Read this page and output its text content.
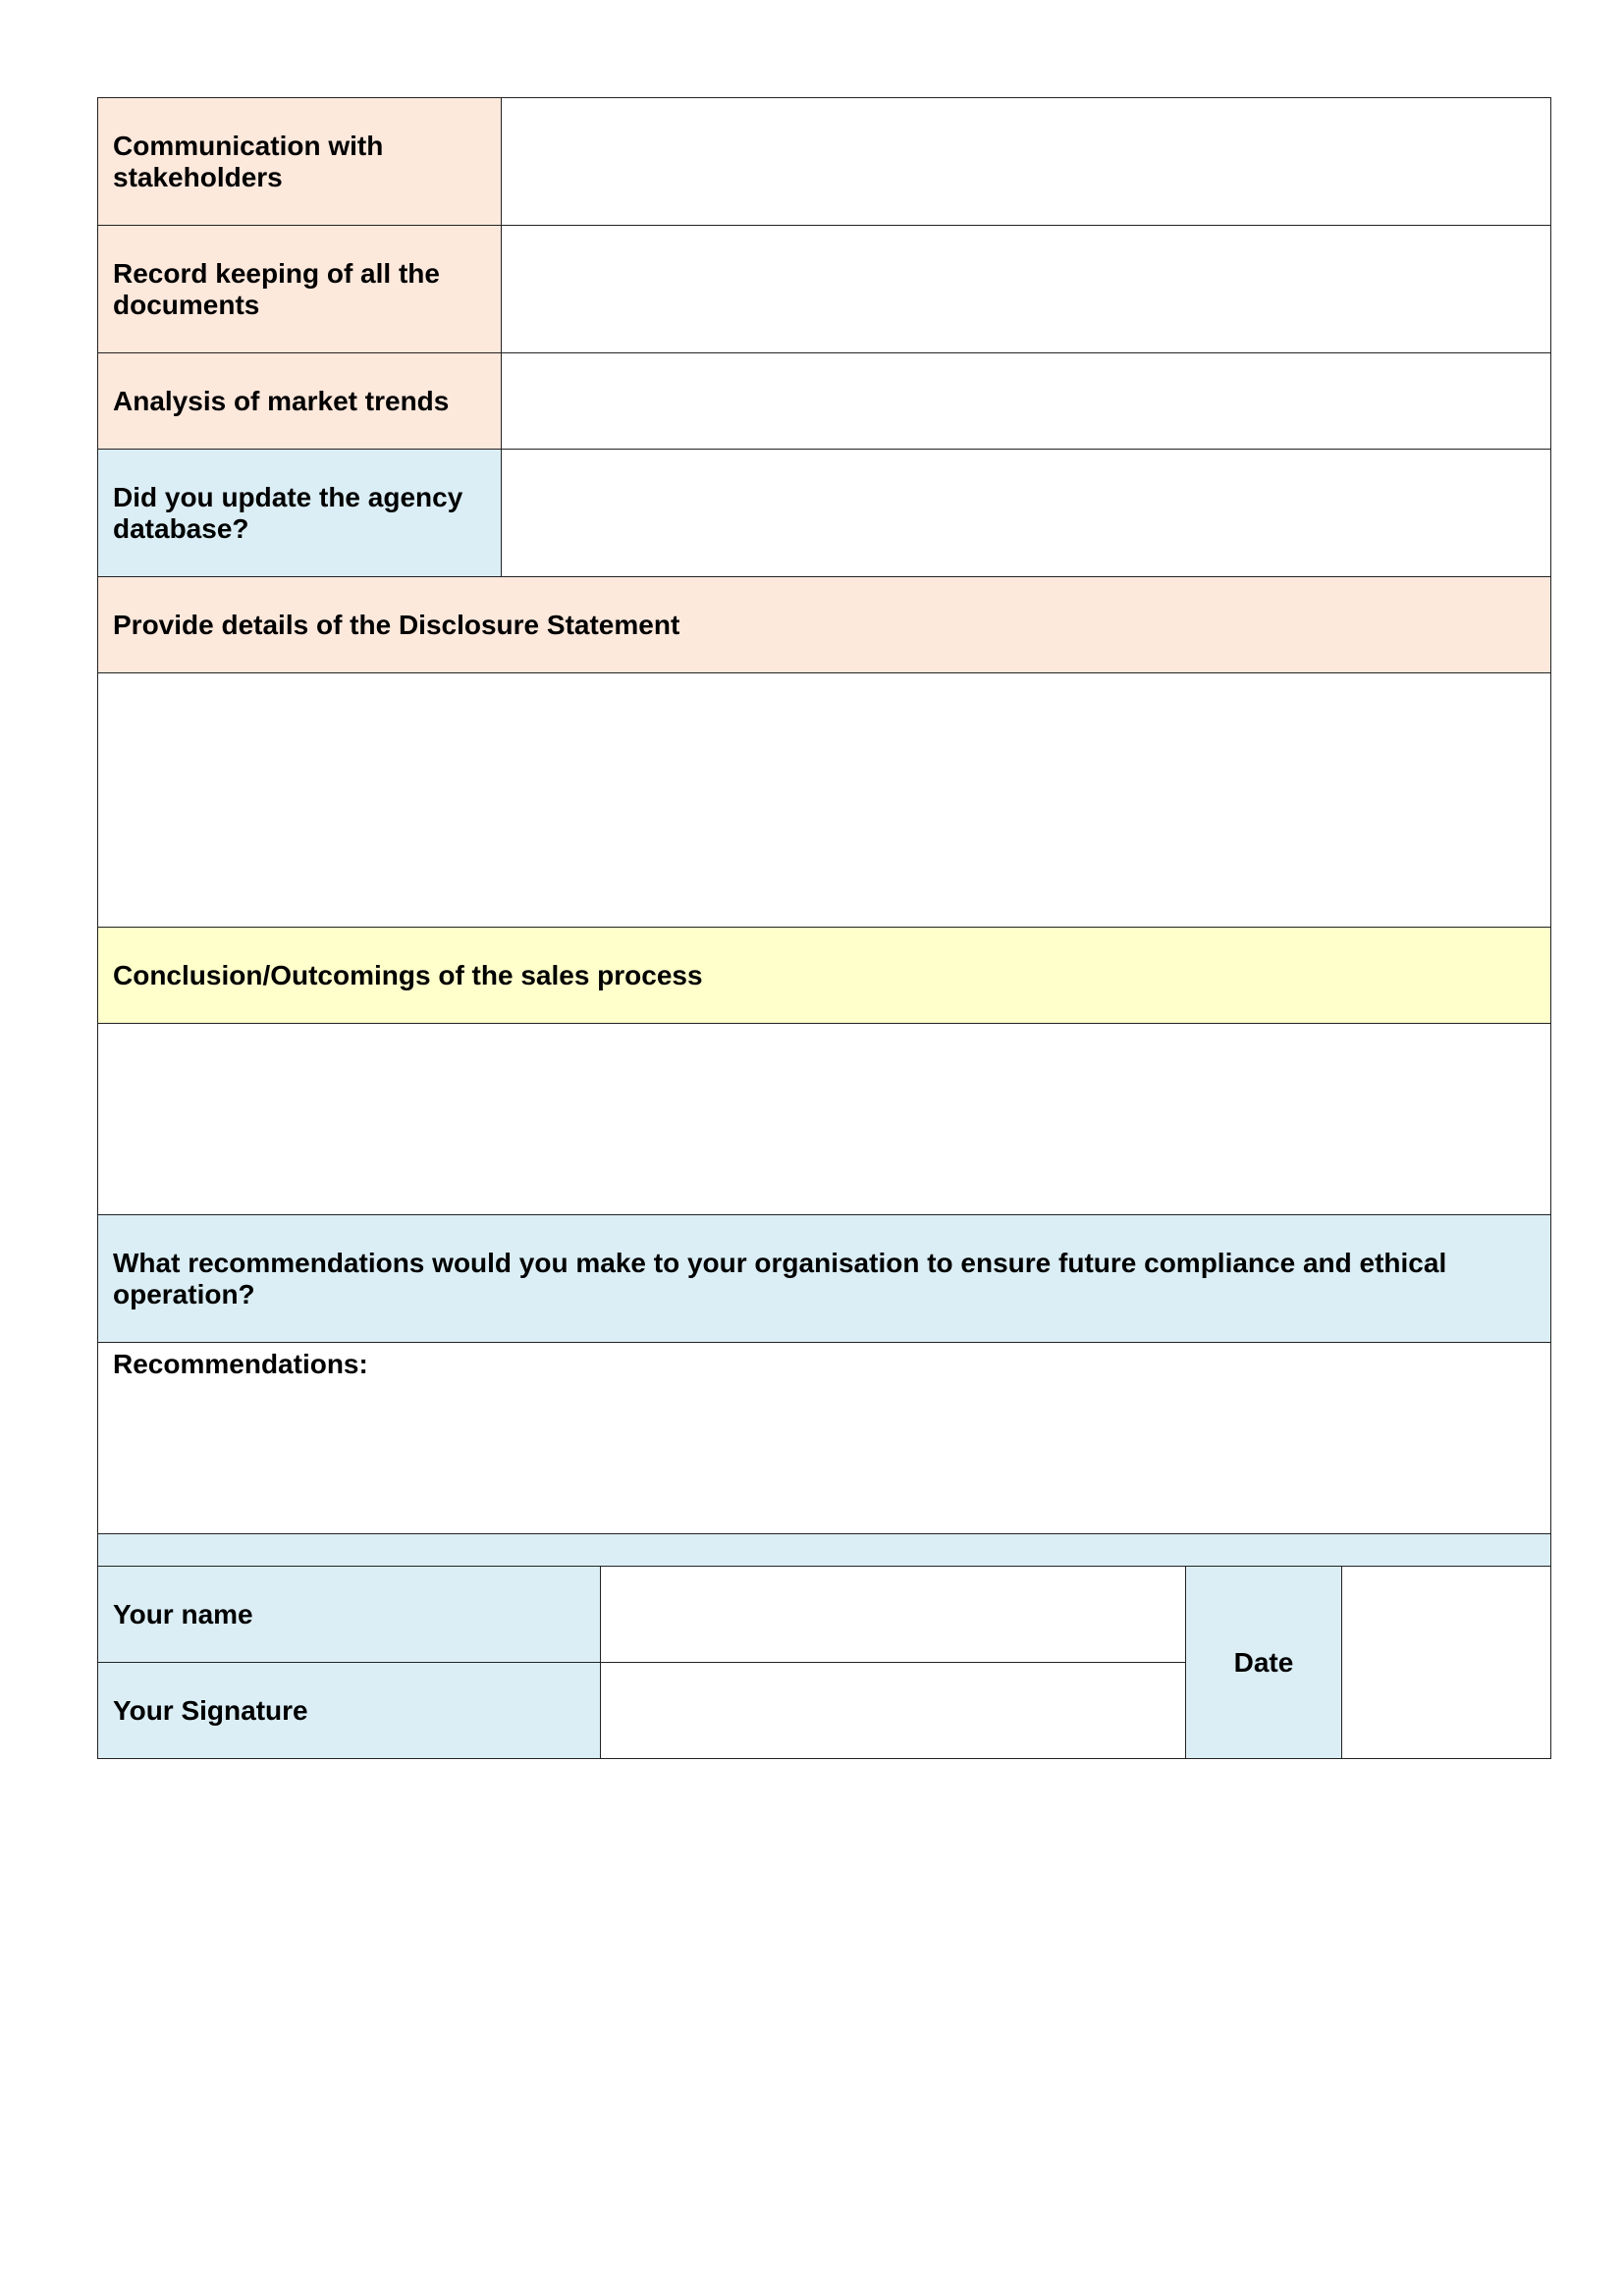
Communication with stakeholders
Record keeping of all the documents
Analysis of market trends
Did you update the agency database?
Provide details of the Disclosure Statement
Conclusion/Outcomings of the sales process
What recommendations would you make to your organisation to ensure future compliance and ethical operation?
Recommendations:
Your name
Your Signature
Date
